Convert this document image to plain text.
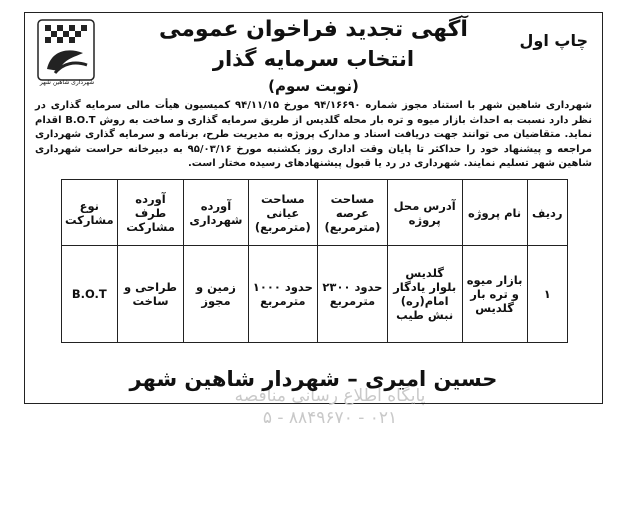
چاپ اول
آگهی تجدید فراخوان عمومی
انتخاب سرمایه گذار
(نوبت سوم)
شهرداری شاهین شهر
شهرداری شاهین شهر با استناد مجوز شماره ۹۴/۱۶۶۹۰ مورخ ۹۴/۱۱/۱۵ کمیسیون هیأت مالی سرمایه گذاری در نظر دارد نسبت به احداث بازار میوه و تره بار محله گلدیس از طریق سرمایه گذاری و ساخت به روش B.O.T اقدام نماید. متقاضیان می توانند جهت دریافت اسناد و مدارک پروژه به مدیریت طرح، برنامه و سرمایه گذاری شهرداری مراجعه و پیشنهاد خود را حداکثر تا پایان وقت اداری روز یکشنبه مورخ ۹۵/۰۳/۱۶ به دبیرخانه حراست شهرداری شاهین شهر تسلیم نمایند. شهرداری در رد یا قبول پیشنهادهای رسیده مختار است.
ردیف	نام پروژه	آدرس محل پروژه	مساحت عرصه (مترمربع)	مساحت عیانی (مترمربع)	آورده شهرداری	آورده طرف مشارکت	نوع مشارکت
۱	بازار میوه و تره بار گلدیس	گلدیس بلوار یادگار امام(ره) نبش طیب	حدود ۲۳۰۰ مترمربع	حدود ۱۰۰۰ مترمربع	زمین و مجوز	طراحی و ساخت	B.O.T
پایگاه اطلاع رسانی مناقصه
۰۲۱ - ۸۸۴۹۶۷۰ - ۵
حسین امیری – شهردار شاهین شهر
